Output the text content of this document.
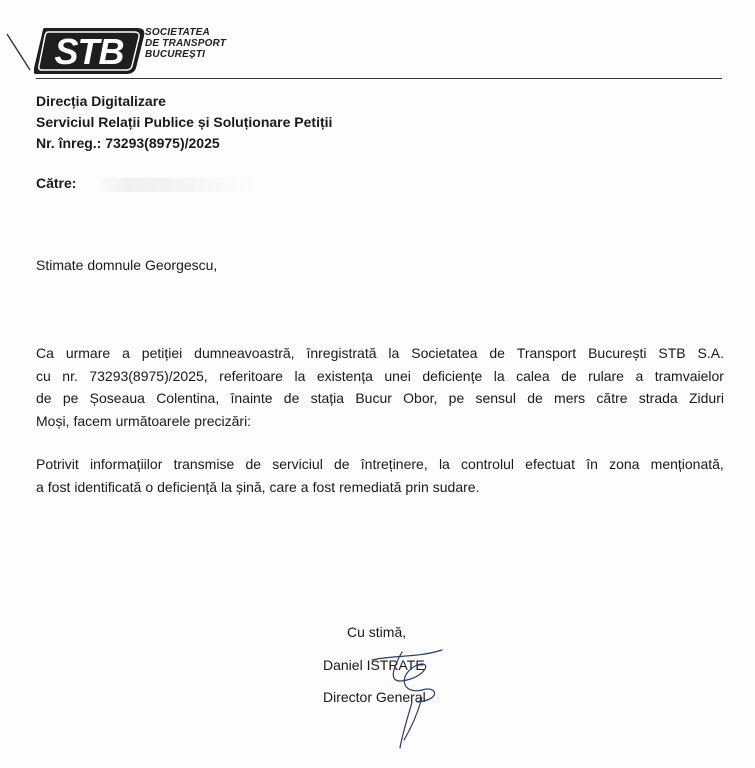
STB SOCIETATEA
DE TRANSPORT
BUCUREȘTI
Direcția Digitalizare
Serviciul Relații Publice și Soluționare Petiții
Nr. înreg.: 73293(8975)/2025
Către:
Stimate domnule Georgescu,
Ca urmare a petiției dumneavoastră, înregistrată la Societatea de Transport București STB S.A.
cu nr. 73293(8975)/2025, referitoare la existența unei deficiențe la calea de rulare a tramvaielor
de pe Șoseaua Colentina, înainte de stația Bucur Obor, pe sensul de mers către strada Ziduri
Moși, facem următoarele precizări:
Potrivit informațiilor transmise de serviciul de întreținere, la controlul efectuat în zona menționată,
a fost identificată o deficiență la șină, care a fost remediată prin sudare.
Cu stimă,
Daniel ISTRATE
Director General
